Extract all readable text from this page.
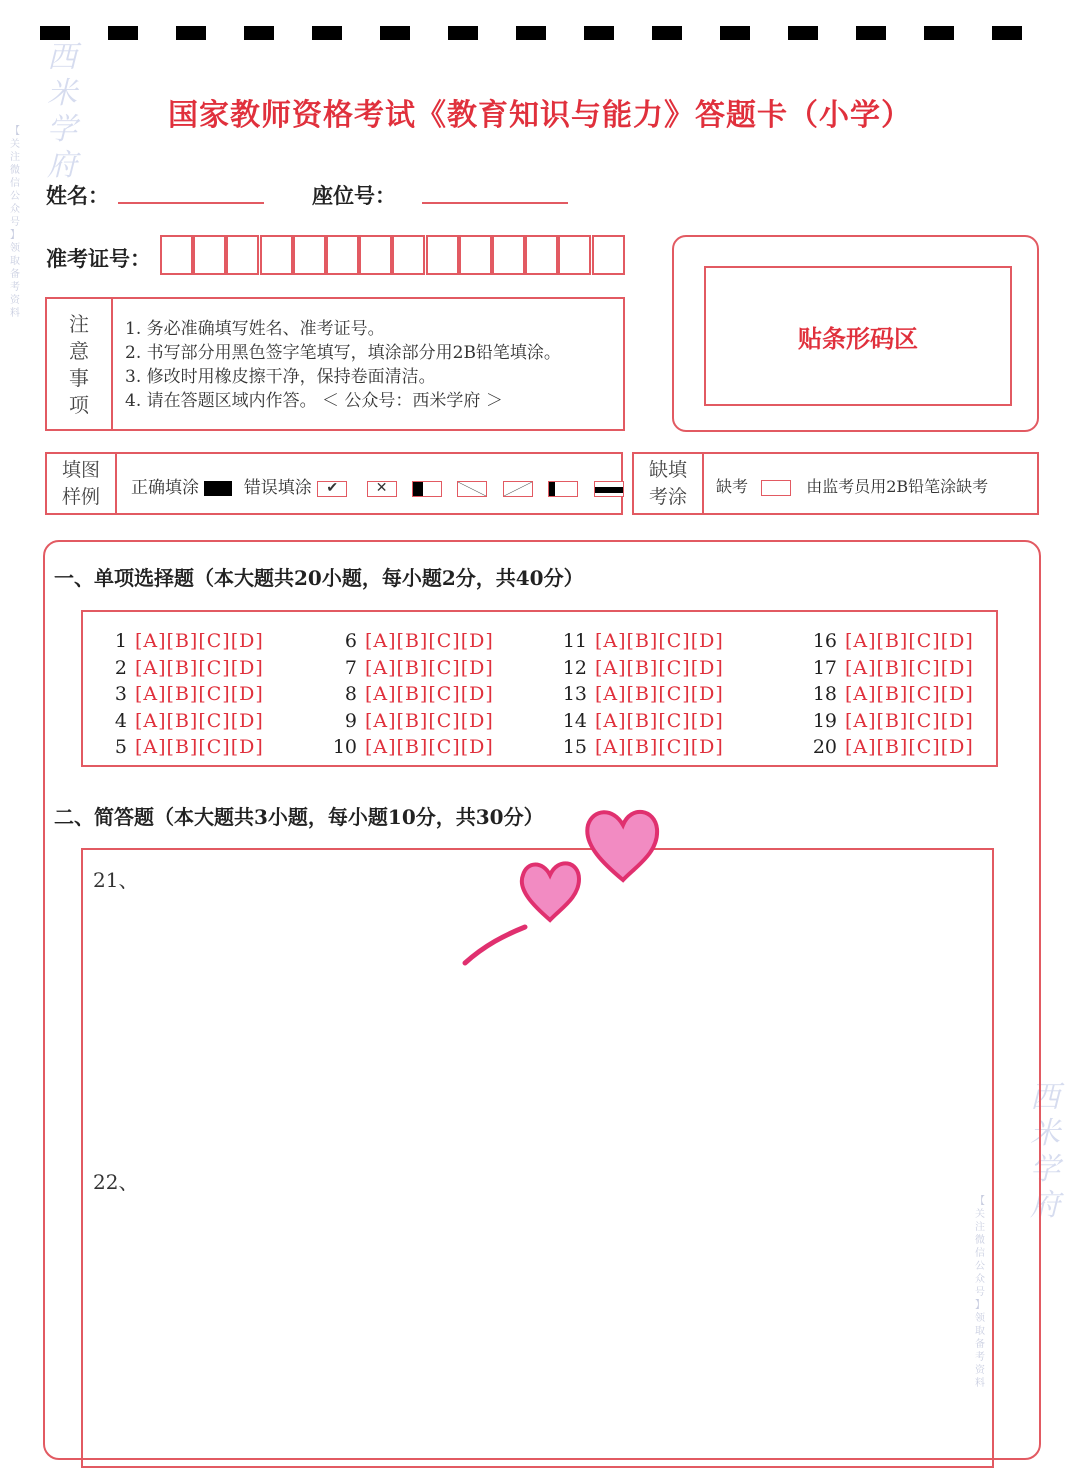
西
米
学
府
西
米
学
府
国家教师资格考试《教育知识与能力》答题卡（小学）
姓名：	座位号：
准考证号：
注
意
事
项
1. 务必准确填写姓名、准考证号。
2. 书写部分用黑色签字笔填写，填涂部分用2B铅笔填涂。
3. 修改时用橡皮擦干净，保持卷面清洁。
4. 请在答题区域内作答。 ＜ 公众号：西米学府 ＞
贴条形码区
填图
样例	正确填涂	错误填涂 ✔	✕
缺填
考涂	缺考	由监考员用2B铅笔涂缺考
一、单项选择题（本大题共20小题，每小题2分，共40分）
1 [A][B][C][D]
2 [A][B][C][D]
3 [A][B][C][D]
4 [A][B][C][D]
5 [A][B][C][D]
6 [A][B][C][D]
7 [A][B][C][D]
8 [A][B][C][D]
9 [A][B][C][D]
10 [A][B][C][D]
11 [A][B][C][D]
12 [A][B][C][D]
13 [A][B][C][D]
14 [A][B][C][D]
15 [A][B][C][D]
16 [A][B][C][D]
17 [A][B][C][D]
18 [A][B][C][D]
19 [A][B][C][D]
20 [A][B][C][D]
二、简答题（本大题共3小题，每小题10分，共30分）
21、
22、
【
关
注
微
信
公
众
号
】
领
取
备
考
资
料
【
关
注
微
信
公
众
号
】
领
取
备
考
资
料
